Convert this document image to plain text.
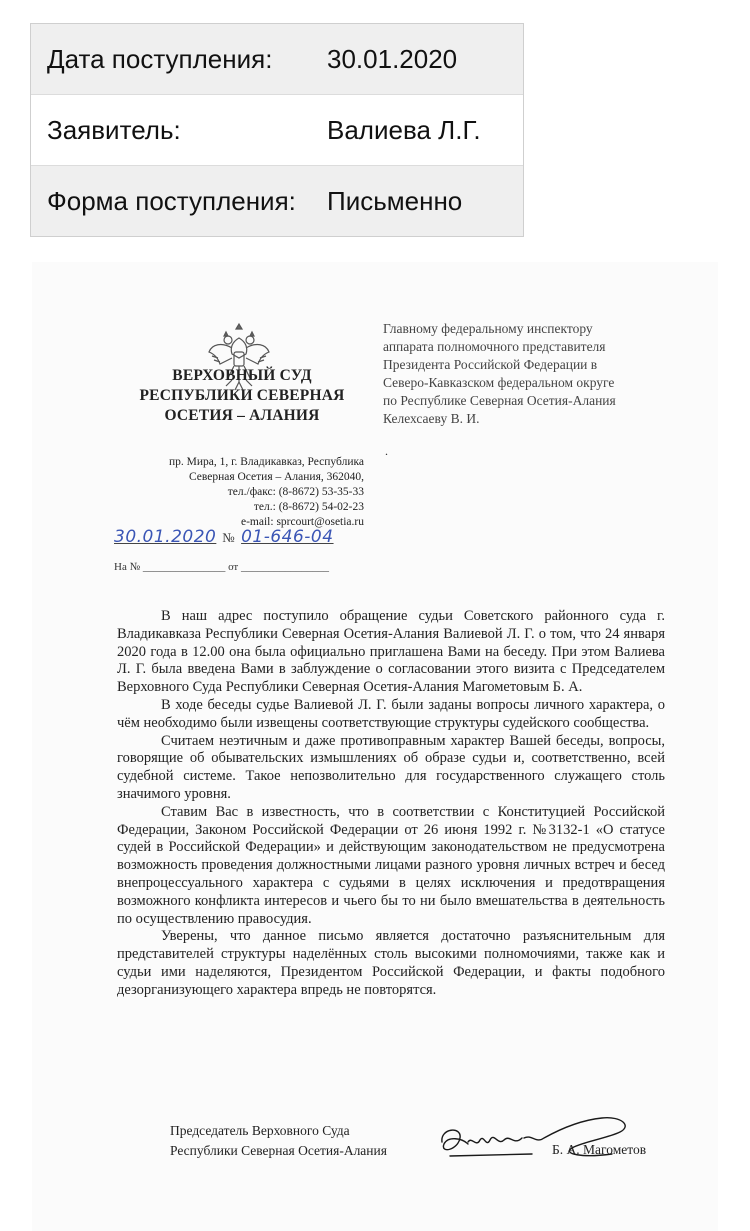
Дата поступления:	30.01.2020
Заявитель:	Валиева Л.Г.
Форма поступления:	Письменно
ВЕРХОВНЫЙ СУД
РЕСПУБЛИКИ СЕВЕРНАЯ
ОСЕТИЯ – АЛАНИЯ
пр. Мира, 1, г. Владикавказ, Республика
Северная Осетия – Алания, 362040,
тел./факс: (8-8672) 53-35-33
тел.: (8-8672) 54-02-23
e-mail: sprcourt@osetia.ru
30.01.2020 № 01-646-04
На № _______________ от ________________
Главному федеральному инспектору
аппарата полномочного представителя
Президента Российской Федерации в
Северо-Кавказском федеральном округе
по Республике Северная Осетия-Алания
Келехсаеву В. И.
.

В наш адрес поступило обращение судьи Советского районного суда г. Владикавказа Республики Северная Осетия-Алания Валиевой Л. Г. о том, что 24 января 2020 года в 12.00 она была официально приглашена Вами на беседу. При этом Валиева Л. Г. была введена Вами в заблуждение о согласовании этого визита с Председателем Верховного Суда Республики Северная Осетия-Алания Магометовым Б. А.

В ходе беседы судье Валиевой Л. Г. были заданы вопросы личного характера, о чём необходимо были извещены соответствующие структуры судейского сообщества.

Считаем неэтичным и даже противоправным характер Вашей беседы, вопросы, говорящие об обывательских измышлениях об образе судьи и, соответственно, всей судебной системе. Такое непозволительно для государственного служащего столь значимого уровня.

Ставим Вас в известность, что в соответствии с Конституцией Российской Федерации, Законом Российской Федерации от 26 июня 1992 г. №3132-1 «О статусе судей в Российской Федерации» и действующим законодательством не предусмотрена возможность проведения должностными лицами разного уровня личных встреч и бесед внепроцессуального характера с судьями в целях исключения и предотвращения возможного конфликта интересов и чьего бы то ни было вмешательства в деятельность по осуществлению правосудия.

Уверены, что данное письмо является достаточно разъяснительным для представителей структуры наделённых столь высокими полномочиями, также как и судьи ими наделяются, Президентом Российской Федерации, и факты подобного дезорганизующего характера впредь не повторятся.

Председатель Верховного Суда
Республики Северная Осетия-Алания	Б. А. Магометов
